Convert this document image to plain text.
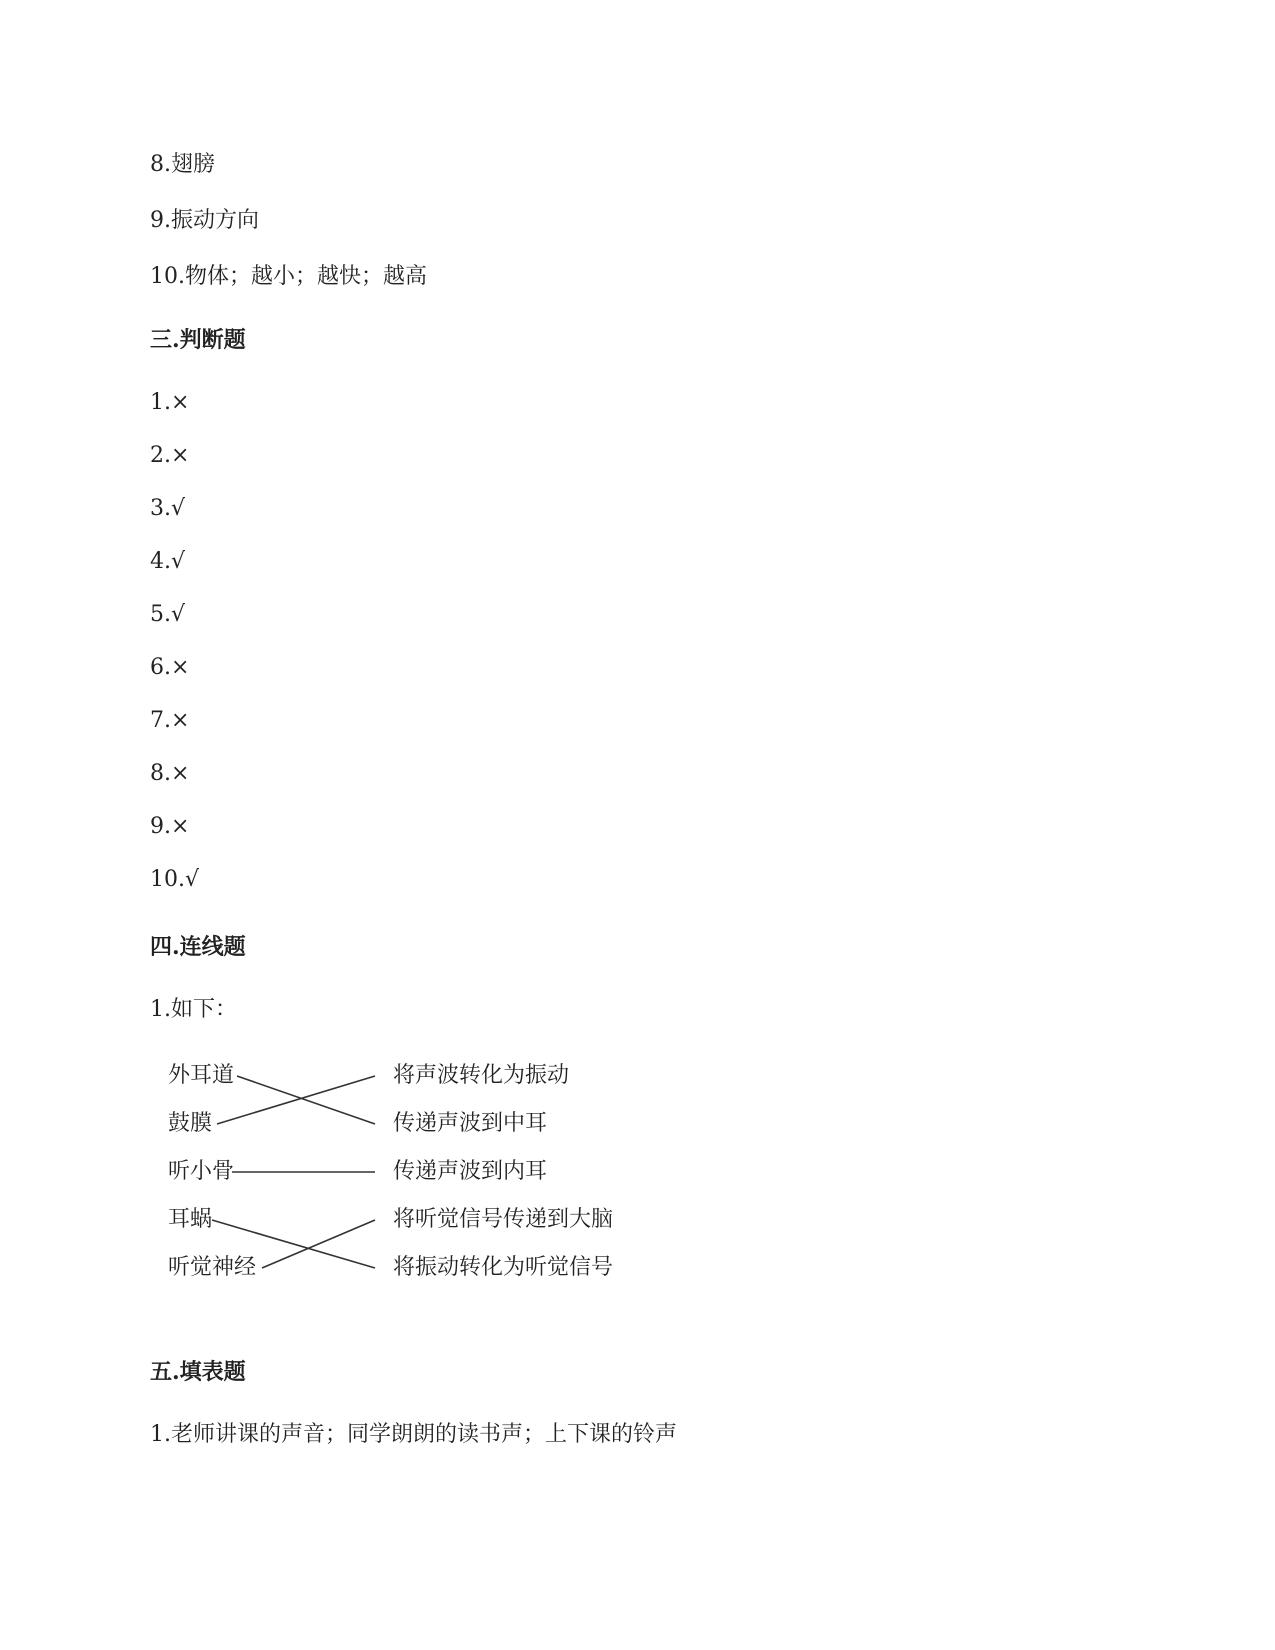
8.翅膀
9.振动方向
10.物体；越小；越快；越高
三.判断题
1.×
2.×
3.√
4.√
5.√
6.×
7.×
8.×
9.×
10.√
四.连线题
1.如下：
外耳道
鼓膜
听小骨
耳蜗
听觉神经
将声波转化为振动
传递声波到中耳
传递声波到内耳
将听觉信号传递到大脑
将振动转化为听觉信号
五.填表题
1.老师讲课的声音；同学朗朗的读书声；上下课的铃声
